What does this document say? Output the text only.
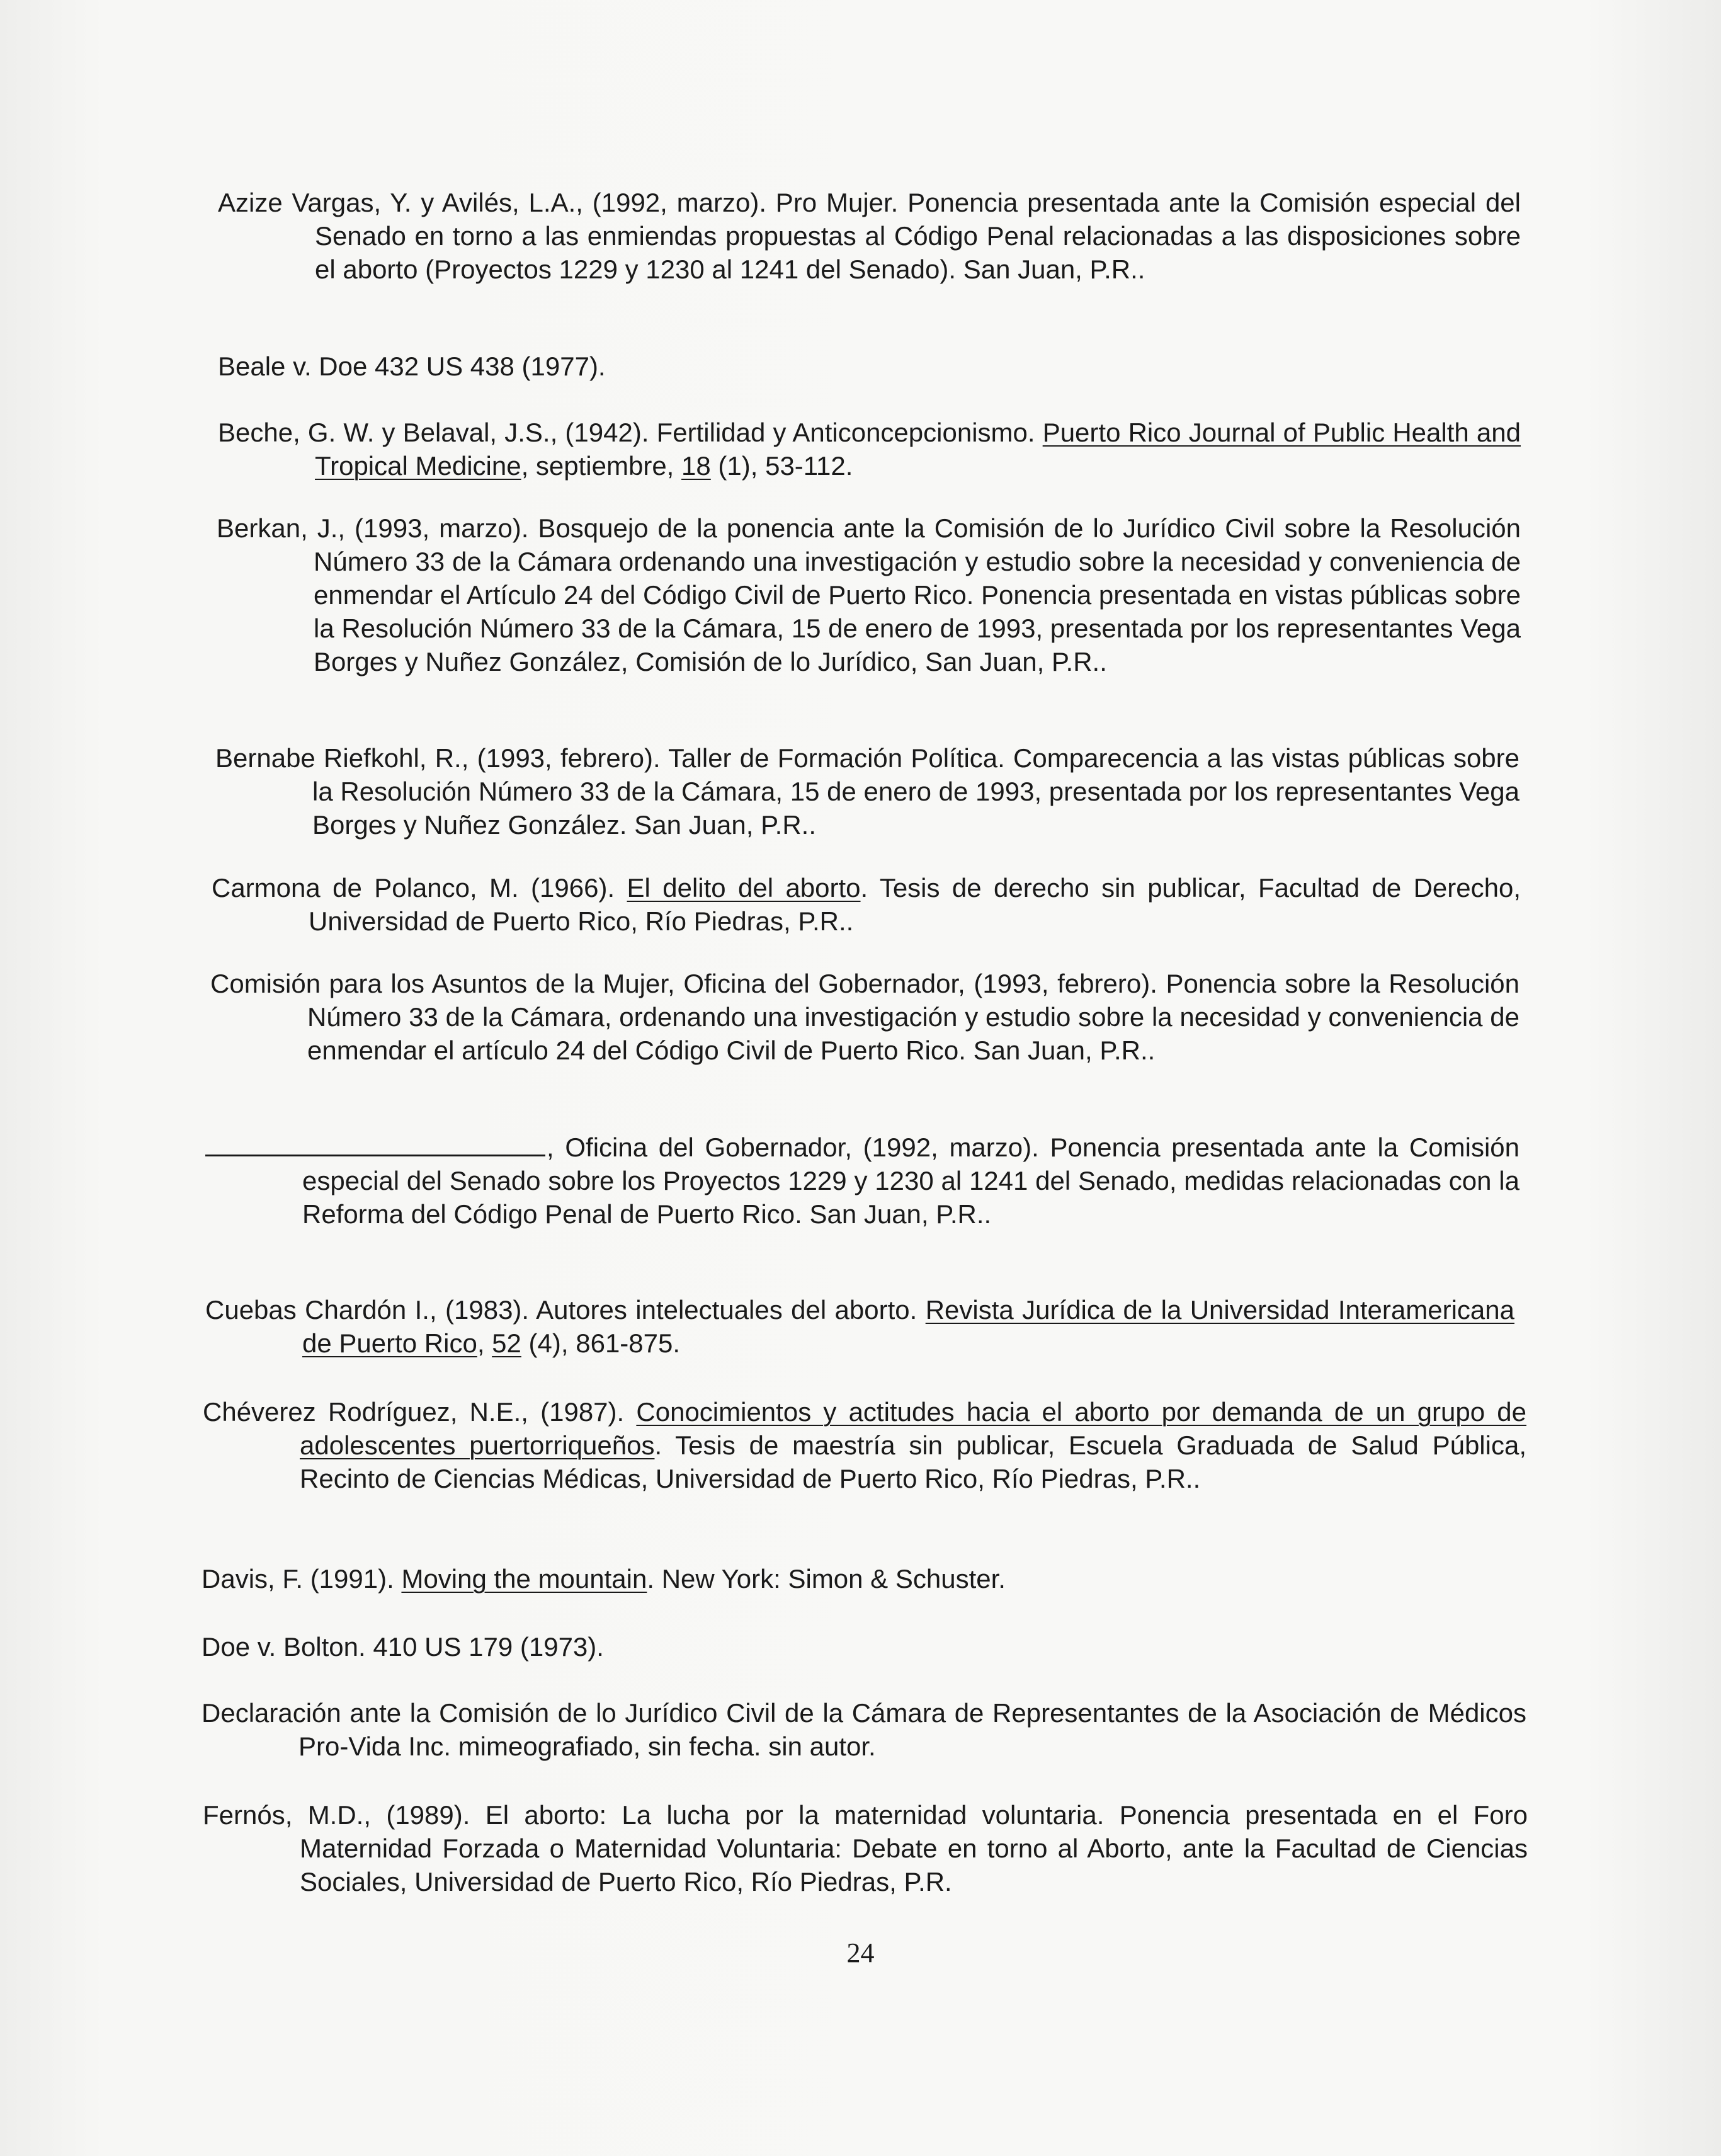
Azize Vargas, Y. y Avilés, L.A., (1992, marzo). Pro Mujer. Ponencia presentada ante la Comisión especial del Senado en torno a las enmiendas propuestas al Código Penal relacionadas a las disposiciones sobre el aborto (Proyectos 1229 y 1230 al 1241 del Senado). San Juan, P.R..
Beale v. Doe 432 US 438 (1977).
Beche, G. W. y Belaval, J.S., (1942). Fertilidad y Anticoncepcionismo. Puerto Rico Journal of Public Health and Tropical Medicine, septiembre, 18 (1), 53-112.
Berkan, J., (1993, marzo). Bosquejo de la ponencia ante la Comisión de lo Jurídico Civil sobre la Resolución Número 33 de la Cámara ordenando una investigación y estudio sobre la necesidad y conveniencia de enmendar el Artículo 24 del Código Civil de Puerto Rico. Ponencia presentada en vistas públicas sobre la Resolución Número 33 de la Cámara, 15 de enero de 1993, presentada por los representantes Vega Borges y Nuñez González, Comisión de lo Jurídico, San Juan, P.R..
Bernabe Riefkohl, R., (1993, febrero). Taller de Formación Política. Comparecencia a las vistas públicas sobre la Resolución Número 33 de la Cámara, 15 de enero de 1993, presentada por los representantes Vega Borges y Nuñez González. San Juan, P.R..
Carmona de Polanco, M. (1966). El delito del aborto. Tesis de derecho sin publicar, Facultad de Derecho, Universidad de Puerto Rico, Río Piedras, P.R..
Comisión para los Asuntos de la Mujer, Oficina del Gobernador, (1993, febrero). Ponencia sobre la Resolución Número 33 de la Cámara, ordenando una investigación y estudio sobre la necesidad y conveniencia de enmendar el artículo 24 del Código Civil de Puerto Rico. San Juan, P.R..
, Oficina del Gobernador, (1992, marzo). Ponencia presentada ante la Comisión especial del Senado sobre los Proyectos 1229 y 1230 al 1241 del Senado, medidas relacionadas con la Reforma del Código Penal de Puerto Rico. San Juan, P.R..
Cuebas Chardón I., (1983). Autores intelectuales del aborto. Revista Jurídica de la Universidad Interamericana de Puerto Rico, 52 (4), 861-875.
Chéverez Rodríguez, N.E., (1987). Conocimientos y actitudes hacia el aborto por demanda de un grupo de adolescentes puertorriqueños. Tesis de maestría sin publicar, Escuela Graduada de Salud Pública, Recinto de Ciencias Médicas, Universidad de Puerto Rico, Río Piedras, P.R..
Davis, F. (1991). Moving the mountain. New York: Simon & Schuster.
Doe v. Bolton. 410 US 179 (1973).
Declaración ante la Comisión de lo Jurídico Civil de la Cámara de Representantes de la Asociación de Médicos Pro-Vida Inc. mimeografiado, sin fecha. sin autor.
Fernós, M.D., (1989). El aborto: La lucha por la maternidad voluntaria. Ponencia presentada en el Foro Maternidad Forzada o Maternidad Voluntaria: Debate en torno al Aborto, ante la Facultad de Ciencias Sociales, Universidad de Puerto Rico, Río Piedras, P.R.
24
